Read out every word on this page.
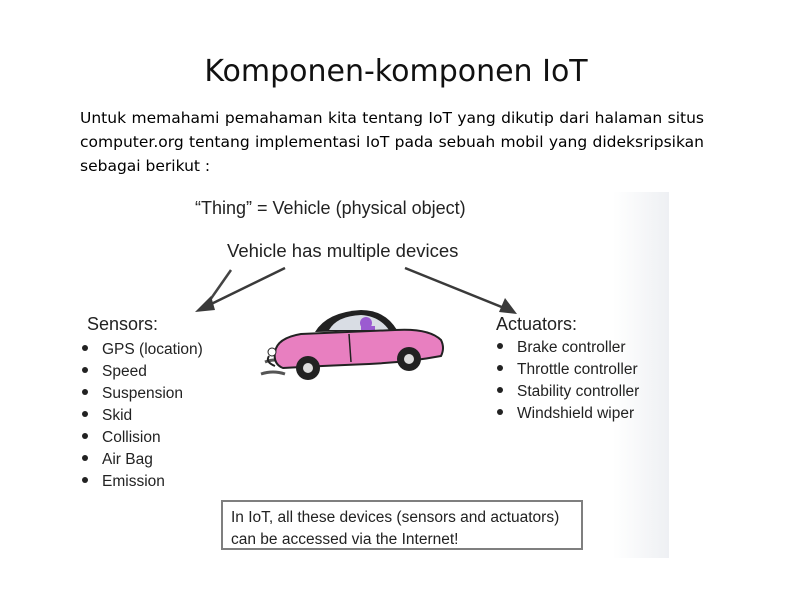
Komponen-komponen IoT
Untuk memahami pemahaman kita tentang IoT yang dikutip dari halaman situs computer.org tentang implementasi IoT pada sebuah mobil yang dideksripsikan sebagai berikut :
“Thing” = Vehicle (physical object)
Vehicle has multiple devices
Sensors:
GPS (location)
Speed
Suspension
Skid
Collision
Air Bag
Emission
Actuators:
Brake controller
Throttle controller
Stability controller
Windshield wiper
In IoT, all these devices (sensors and actuators) can be accessed via the Internet!
